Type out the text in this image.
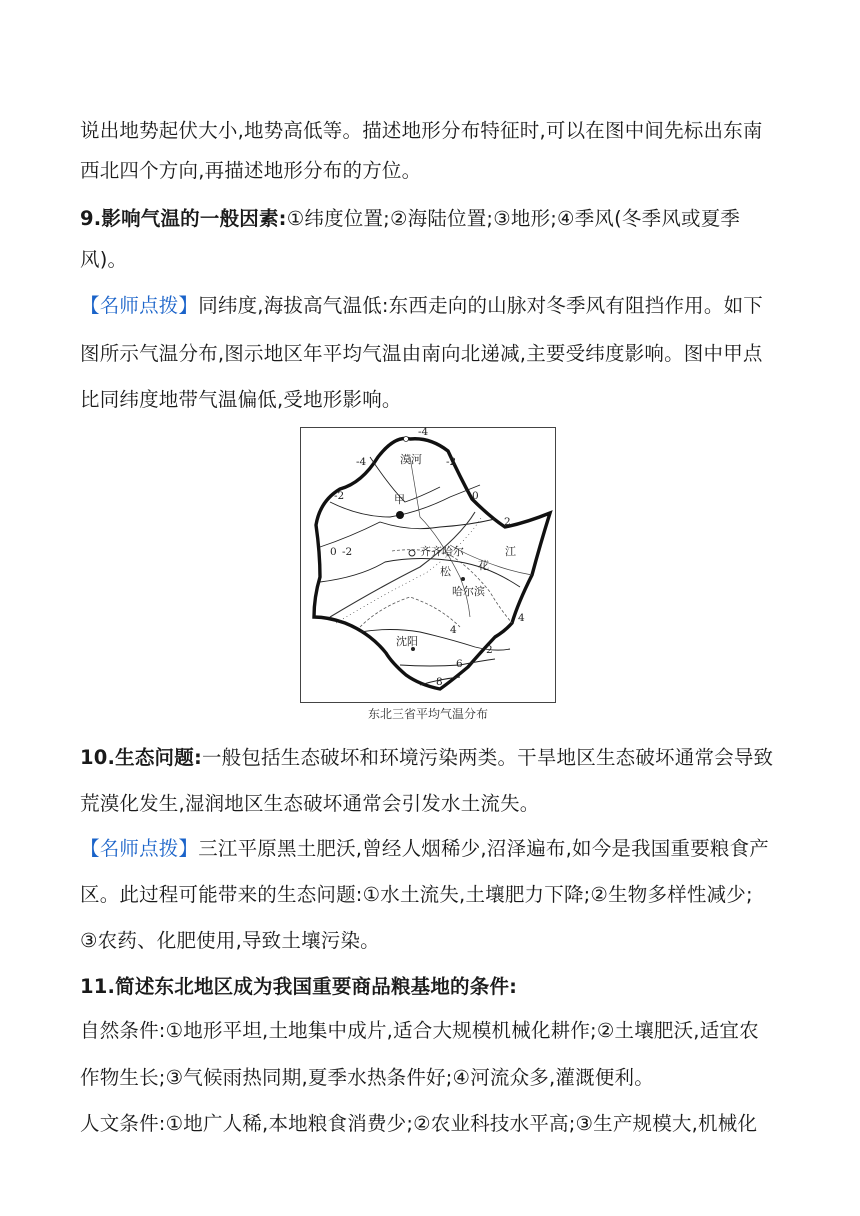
说出地势起伏大小,地势高低等。描述地形分布特征时,可以在图中间先标出东南
西北四个方向,再描述地形分布的方位。
9.影响气温的一般因素:①纬度位置;②海陆位置;③地形;④季风(冬季风或夏季
风)。
【名师点拨】同纬度,海拔高气温低:东西走向的山脉对冬季风有阻挡作用。如下
图所示气温分布,图示地区年平均气温由南向北递减,主要受纬度影响。图中甲点
比同纬度地带气温偏低,受地形影响。
漠河
甲
齐齐哈尔
松 花
江
哈尔滨
沈阳
-4
-4	-2
-2
-2
0
0
2
2
4
4
6
8
东北三省平均气温分布
10.生态问题:一般包括生态破坏和环境污染两类。干旱地区生态破坏通常会导致
荒漠化发生,湿润地区生态破坏通常会引发水土流失。
【名师点拨】三江平原黑土肥沃,曾经人烟稀少,沼泽遍布,如今是我国重要粮食产
区。此过程可能带来的生态问题:①水土流失,土壤肥力下降;②生物多样性减少;
③农药、化肥使用,导致土壤污染。
11.简述东北地区成为我国重要商品粮基地的条件:
自然条件:①地形平坦,土地集中成片,适合大规模机械化耕作;②土壤肥沃,适宜农
作物生长;③气候雨热同期,夏季水热条件好;④河流众多,灌溉便利。
人文条件:①地广人稀,本地粮食消费少;②农业科技水平高;③生产规模大,机械化
